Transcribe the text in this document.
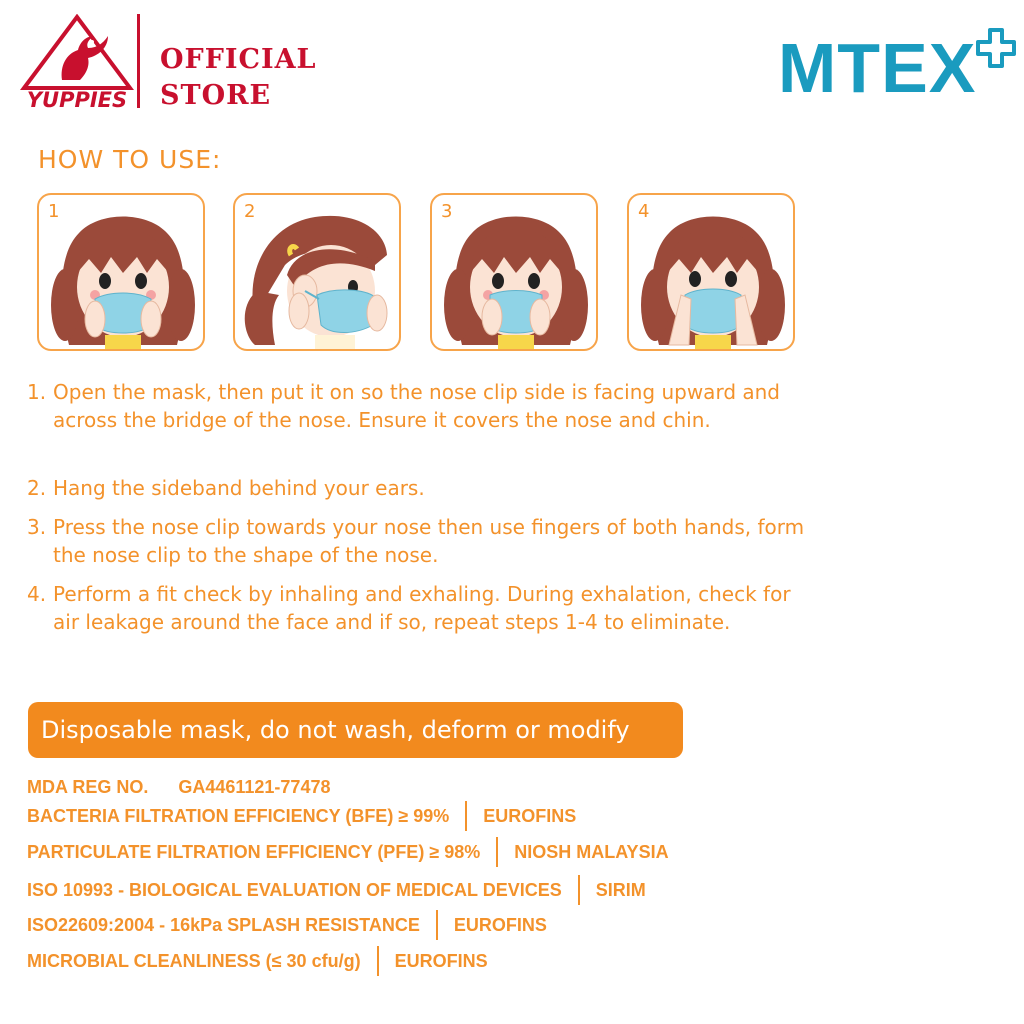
YUPPIES
OFFICIAL
STORE	MTEX
HOW TO USE:
1	2	3	4
1. Open the mask, then put it on so the nose clip side is facing upward and across the bridge of the nose. Ensure it covers the nose and chin.
2. Hang the sideband behind your ears.
3. Press the nose clip towards your nose then use fingers of both hands, form the nose clip to the shape of the nose.
4. Perform a fit check by inhaling and exhaling. During exhalation, check for air leakage around the face and if so, repeat steps 1-4 to eliminate.
Disposable mask, do not wash, deform or modify
MDA REG NO. GA4461121-77478
BACTERIA FILTRATION EFFICIENCY (BFE) ≥ 99% EUROFINS
PARTICULATE FILTRATION EFFICIENCY (PFE) ≥ 98% NIOSH MALAYSIA
ISO 10993 - BIOLOGICAL EVALUATION OF MEDICAL DEVICES SIRIM
ISO22609:2004 - 16kPa SPLASH RESISTANCE EUROFINS
MICROBIAL CLEANLINESS (≤ 30 cfu/g) EUROFINS
